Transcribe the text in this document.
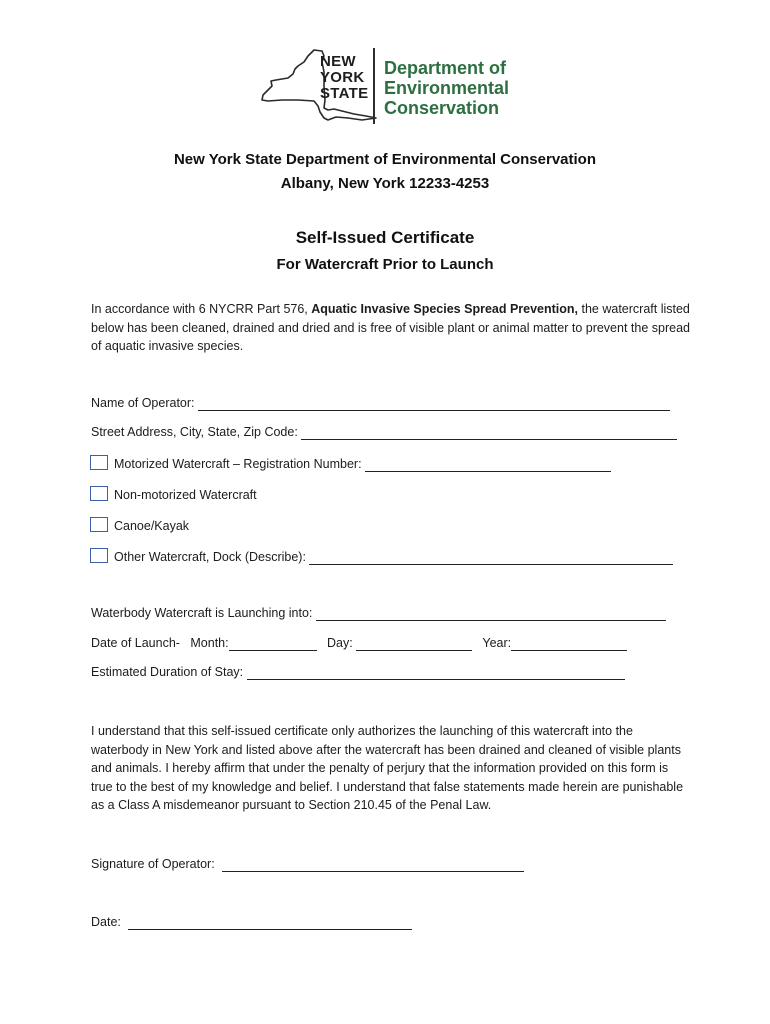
NEW
YORK
STATE
Department of
Environmental
Conservation
New York State Department of Environmental Conservation
Albany, New York 12233-4253
Self-Issued Certificate
For Watercraft Prior to Launch
In accordance with 6 NYCRR Part 576, Aquatic Invasive Species Spread Prevention, the watercraft listed below has been cleaned, drained and dried and is free of visible plant or animal matter to prevent the spread of aquatic invasive species.
Name of Operator:
Street Address, City, State, Zip Code:
Motorized Watercraft – Registration Number:
Non-motorized Watercraft
Canoe/Kayak
Other Watercraft, Dock (Describe):
Waterbody Watercraft is Launching into:
Date of Launch- Month:	Day:	Year:
Estimated Duration of Stay:
I understand that this self-issued certificate only authorizes the launching of this watercraft into the waterbody in New York and listed above after the watercraft has been drained and cleaned of visible plants and animals. I hereby affirm that under the penalty of perjury that the information provided on this form is true to the best of my knowledge and belief. I understand that false statements made herein are punishable as a Class A misdemeanor pursuant to Section 210.45 of the Penal Law.
Signature of Operator:
Date:
